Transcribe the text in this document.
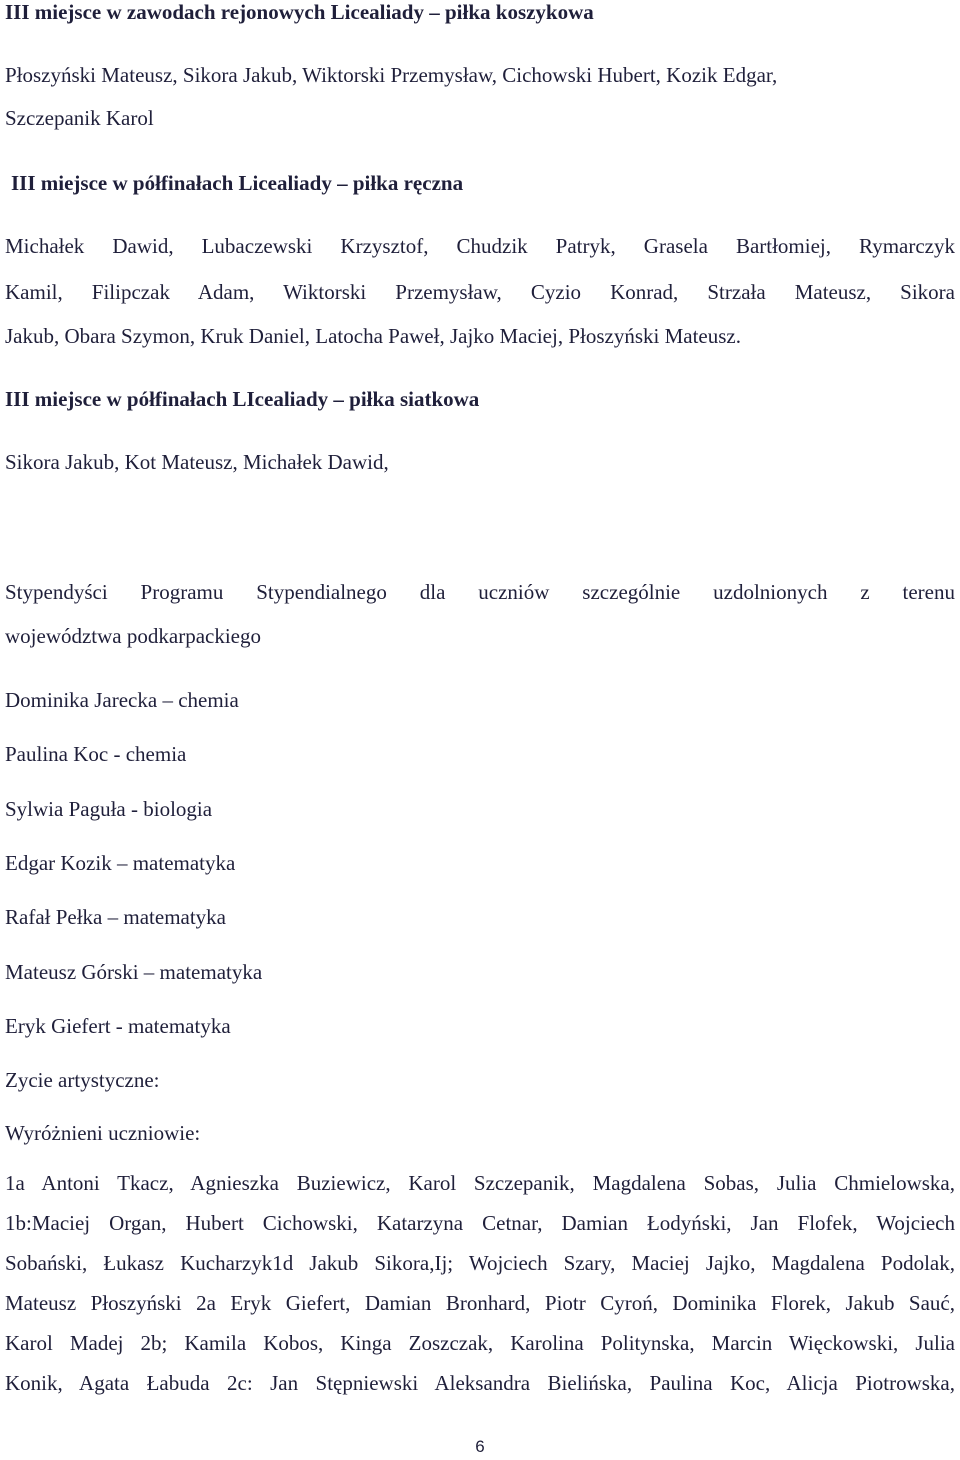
III miejsce w zawodach rejonowych Licealiady – piłka koszykowa

Płoszyński Mateusz, Sikora Jakub, Wiktorski Przemysław, Cichowski Hubert, Kozik Edgar,

Szczepanik Karol

III miejsce w półfinałach Licealiady – piłka ręczna

Michałek Dawid, Lubaczewski Krzysztof, Chudzik Patryk, Grasela Bartłomiej, Rymarczyk

Kamil, Filipczak Adam, Wiktorski Przemysław, Cyzio Konrad, Strzała Mateusz, Sikora

Jakub, Obara Szymon, Kruk Daniel, Latocha Paweł, Jajko Maciej, Płoszyński Mateusz.

III miejsce w półfinałach LIcealiady – piłka siatkowa

Sikora Jakub, Kot Mateusz, Michałek Dawid,

Stypendyści Programu Stypendialnego dla uczniów szczególnie uzdolnionych z terenu

województwa podkarpackiego

Dominika Jarecka – chemia

Paulina Koc - chemia

Sylwia Paguła - biologia

Edgar Kozik – matematyka

Rafał Pełka – matematyka

Mateusz Górski – matematyka

Eryk Giefert - matematyka

Zycie artystyczne:

Wyróżnieni uczniowie:

1a Antoni Tkacz, Agnieszka Buziewicz, Karol Szczepanik, Magdalena Sobas, Julia Chmielowska,

1b:Maciej Organ, Hubert Cichowski, Katarzyna Cetnar, Damian Łodyński, Jan Flofek, Wojciech

Sobański, Łukasz Kucharzyk1d Jakub Sikora,Ij; Wojciech Szary, Maciej Jajko, Magdalena Podolak,

Mateusz Płoszyński 2a Eryk Giefert, Damian Bronhard, Piotr Cyroń, Dominika Florek, Jakub Sauć,

Karol Madej 2b; Kamila Kobos, Kinga Zoszczak, Karolina Politynska, Marcin Więckowski, Julia

Konik, Agata Łabuda 2c: Jan Stępniewski Aleksandra Bielińska, Paulina Koc, Alicja Piotrowska,

6
